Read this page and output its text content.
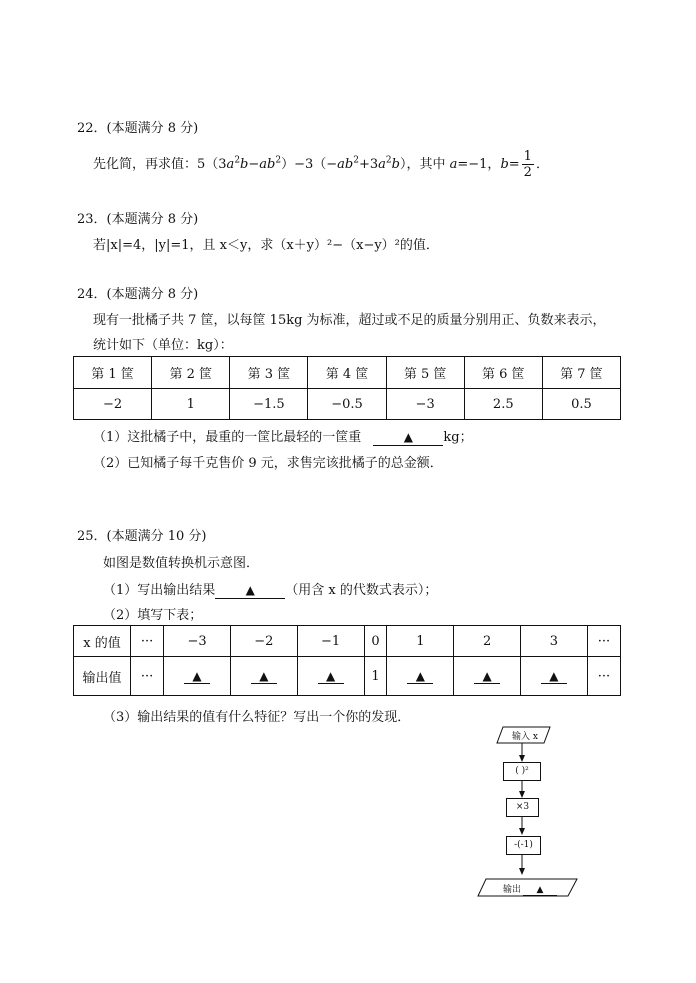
22．(本题满分 8 分)
先化简，再求值：$5(3a^2b-ab^2)-3(-ab^2+3a^2b)$，其中 a=−1，$b= \frac{1}{2}$ ．
23．(本题满分 8 分)
若|x|=4，|y|=1，且 x＜y，求（x＋y）²−（x−y）²的值．
24．(本题满分 8 分)
现有一批橘子共 7 筐，以每筐 15kg 为标准，超过或不足的质量分别用正、负数来表示，
统计如下（单位：kg）：
第 1 筐	第 2 筐	第 3 筐	第 4 筐	第 5 筐	第 6 筐	第 7 筐
−2	1	−1.5	−0.5	−3	2.5	0.5
（1）这批橘子中，最重的一筐比最轻的一筐重	▲ kg；
（2）已知橘子每千克售价 9 元，求售完该批橘子的总金额．
25．(本题满分 10 分)
如图是数值转换机示意图．
（1）写出输出结果	▲ （用含 x 的代数式表示）；
（2）填写下表；
x 的值	···	−3	−2	−1	0	1	2	3	···
输出值	···	▲	▲	▲	1	▲	▲	▲	···
（3）输出结果的值有什么特征？写出一个你的发现．
输入 x
( )²
×3
-(-1)
输出 ▲
